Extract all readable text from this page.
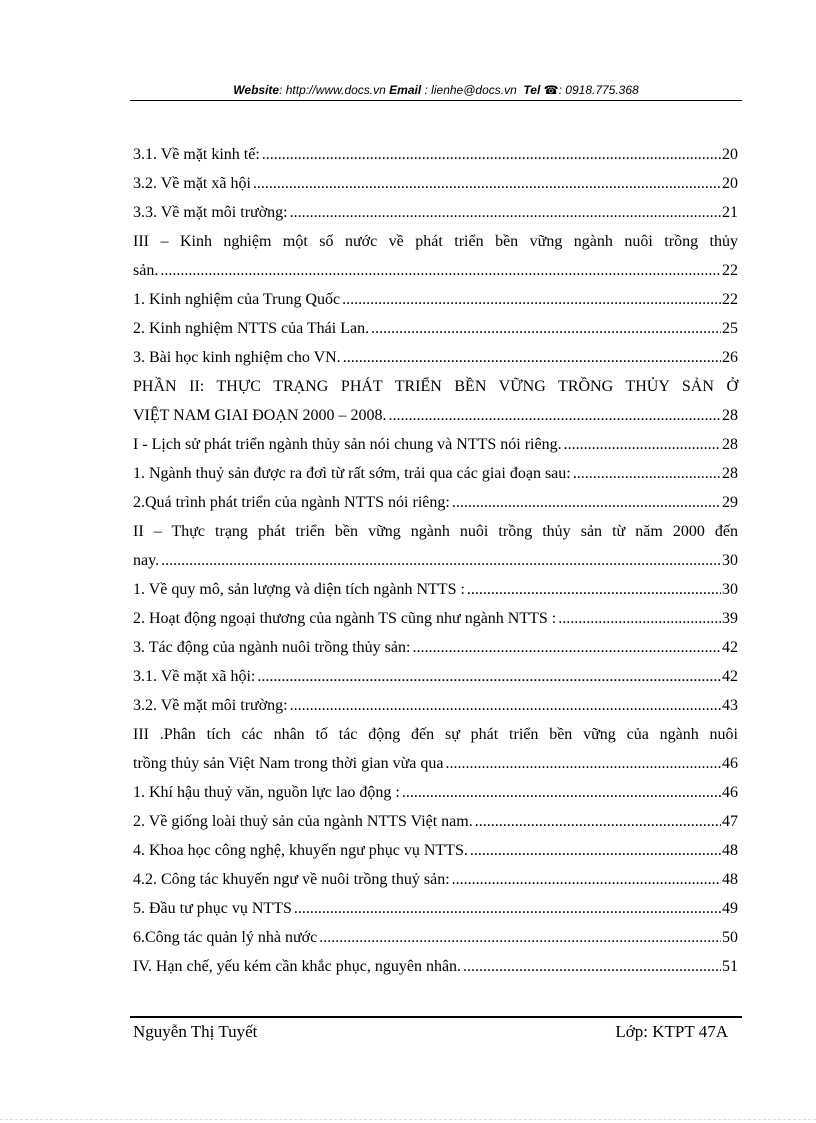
Website: http://www.docs.vn Email : lienhe@docs.vn Tel ☎: 0918.775.368
3.1. Về mặt kinh tế: .....	20
3.2. Về mặt xã hội .....	20
3.3. Về mặt môi trường: .....	21
III – Kinh nghiệm một số nước về phát triển bền vững ngành nuôi trồng thủy
sản. .....	22
1. Kinh nghiệm của Trung Quốc .....	22
2. Kinh nghiệm NTTS của Thái Lan. .....	25
3. Bài học kinh nghiệm cho VN. .....	26
PHẦN II: THỰC TRẠNG PHÁT TRIỂN BỀN VỮNG TRỒNG THỦY SẢN Ở
VIỆT NAM GIAI ĐOẠN 2000 – 2008. .....	28
I - Lịch sử phát triển ngành thủy sản nói chung và NTTS nói riêng. .....	28
1. Ngành thuỷ sản được ra đơì từ rất sớm, trải qua các giai đoạn sau: .....	28
2.Quá trình phát triển của ngành NTTS nói riêng: .....	29
II – Thực trạng phát triển bền vững ngành nuôi trồng thủy sản từ năm 2000 đến
nay. .....	30
1. Về quy mô, sản lượng và diện tích ngành NTTS : .....	30
2. Hoạt động ngoại thương của ngành TS cũng như ngành NTTS : .....	39
3. Tác động của ngành nuôi trồng thủy sản: .....	42
3.1. Về mặt xã hội: .....	42
3.2. Về mặt môi trường: .....	43
III .Phân tích các nhân tố tác động đến sự phát triển bền vững của ngành nuôi
trồng thủy sản Việt Nam trong thời gian vừa qua .....	46
1. Khí hậu thuỷ văn, nguồn lực lao động : .....	46
2. Về giống loài thuỷ sản của ngành NTTS Việt nam. .....	47
4. Khoa học công nghệ, khuyến ngư phục vụ NTTS. .....	48
4.2. Công tác khuyến ngư về nuôi trồng thuỷ sản: .....	48
5. Đầu tư phục vụ NTTS .....	49
6.Công tác quản lý nhà nước .....	50
IV. Hạn chế, yếu kém cần khắc phục, nguyên nhân. .....	51
Nguyễn Thị Tuyết	Lớp: KTPT 47A
